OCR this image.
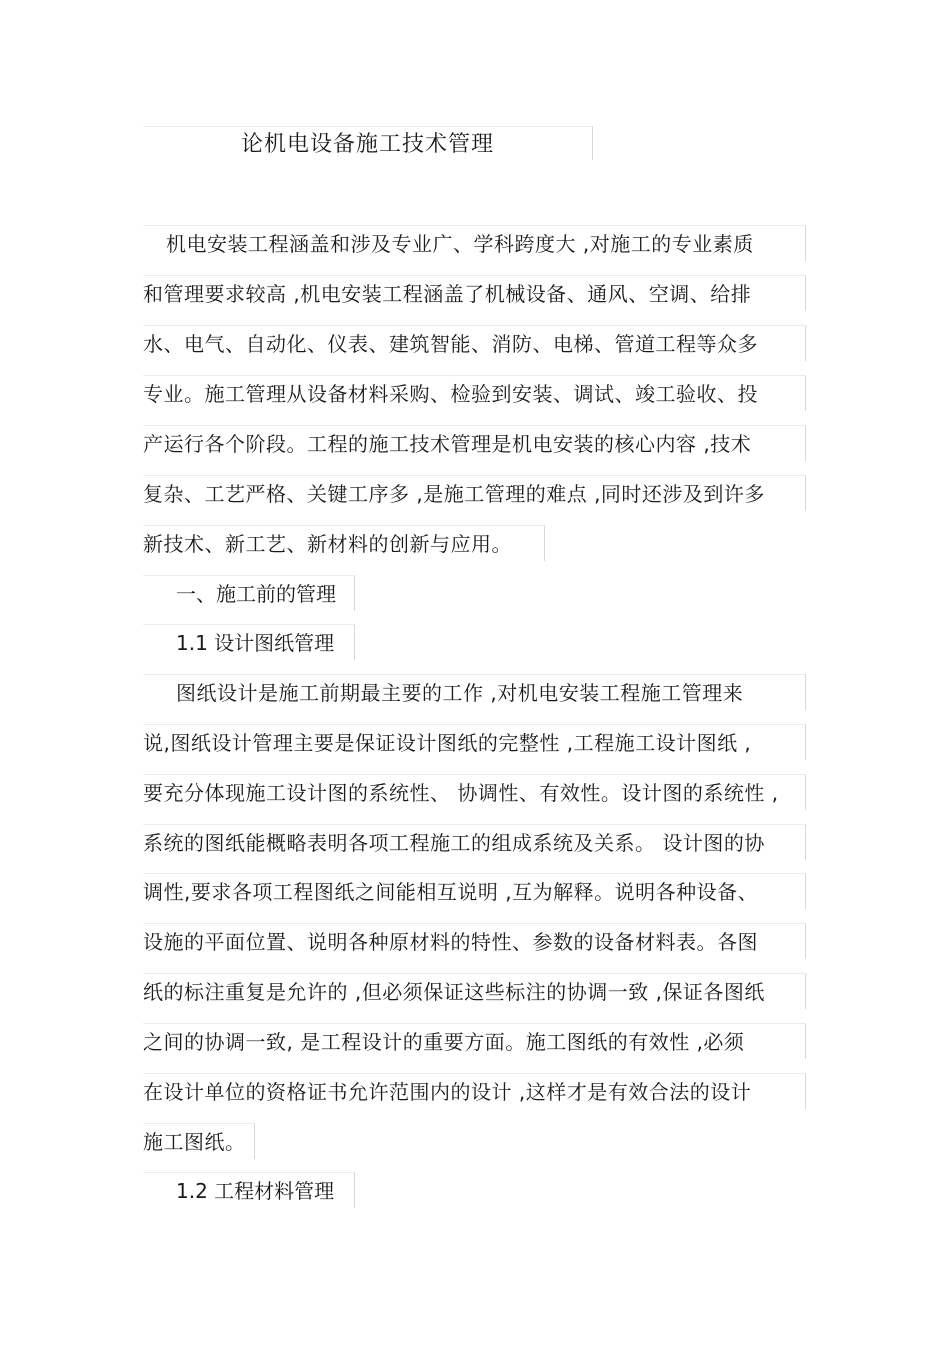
论机电设备施工技术管理
机电安装工程涵盖和涉及专业广、学科跨度大 ,对施工的专业素质
和管理要求较高 ,机电安装工程涵盖了机械设备、通风、空调、给排
水、电气、自动化、仪表、建筑智能、消防、电梯、管道工程等众多
专业。施工管理从设备材料采购、检验到安装、调试、竣工验收、投
产运行各个阶段。工程的施工技术管理是机电安装的核心内容 ,技术
复杂、工艺严格、关键工序多 ,是施工管理的难点 ,同时还涉及到许多
新技术、新工艺、新材料的创新与应用。
一、施工前的管理
1.1 设计图纸管理
图纸设计是施工前期最主要的工作 ,对机电安装工程施工管理来
说,图纸设计管理主要是保证设计图纸的完整性 ,工程施工设计图纸 ,
要充分体现施工设计图的系统性、 协调性、有效性。设计图的系统性 ,
系统的图纸能概略表明各项工程施工的组成系统及关系。 设计图的协
调性,要求各项工程图纸之间能相互说明 ,互为解释。说明各种设备、
设施的平面位置、说明各种原材料的特性、参数的设备材料表。各图
纸的标注重复是允许的 ,但必须保证这些标注的协调一致 ,保证各图纸
之间的协调一致, 是工程设计的重要方面。施工图纸的有效性 ,必须
在设计单位的资格证书允许范围内的设计 ,这样才是有效合法的设计
施工图纸。
1.2 工程材料管理
